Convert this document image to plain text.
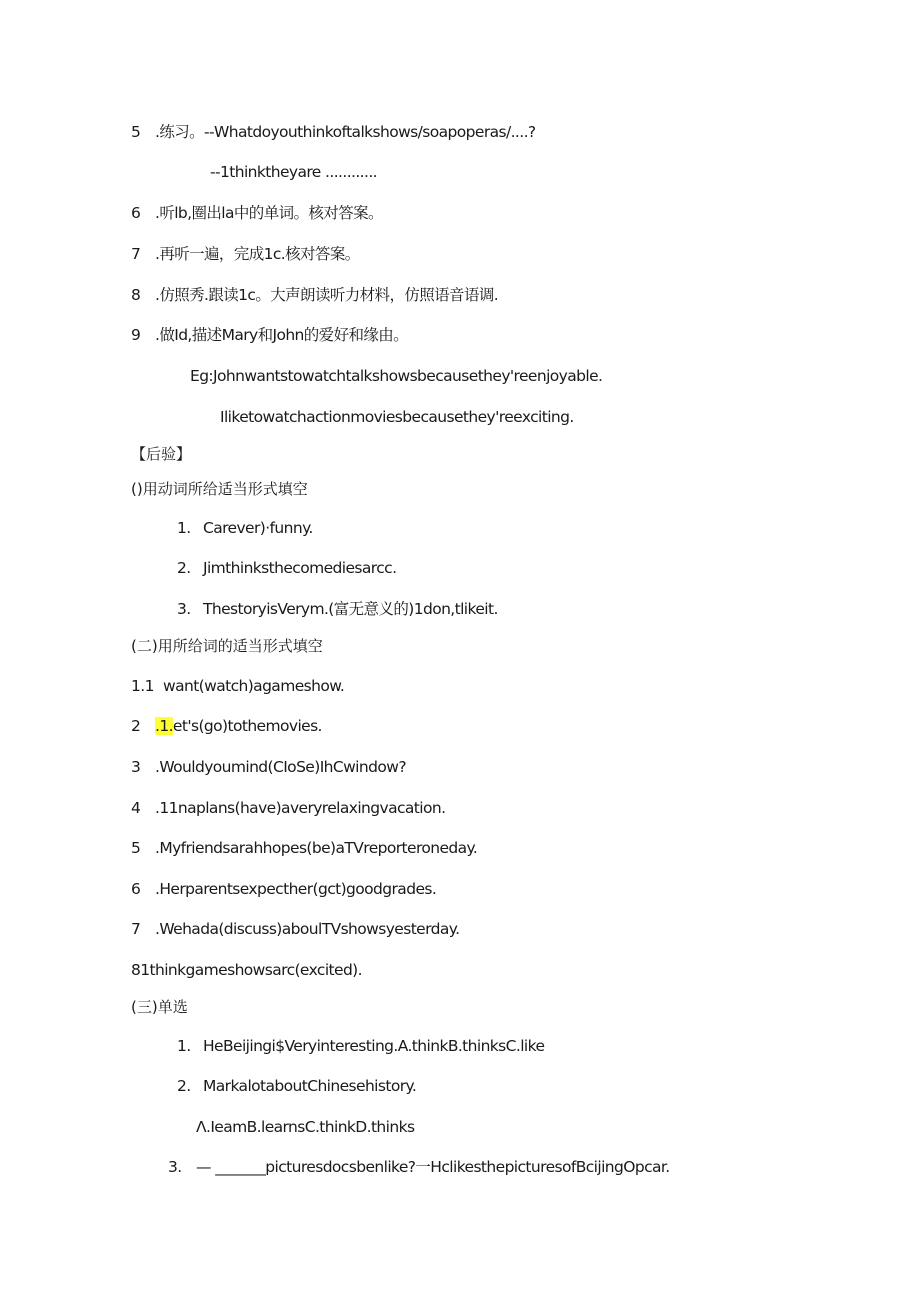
5 .练习。--Whatdoyouthinkoftalkshows/soapoperas/....?
--1thinktheyare ............
6 .听lb,圈出la中的单词。核对答案。
7 .再听一遍，完成1c.核对答案。
8 .仿照秀.跟读1c。大声朗读听力材料，仿照语音语调.
9 .做Id,描述Mary和John的爱好和缘由。
Eg:Johnwantstowatchtalkshowsbecausethey'reenjoyable.
Iliketowatchactionmoviesbecausethey'reexciting.
【后验】
()用动词所给适当形式填空
1. Carever)·funny.
2. Jimthinksthecomediesarcc.
3. ThestoryisVerym.(富无意义的)1don,tlikeit.
(二)用所给词的适当形式填空
1.1 want(watch)agameshow.
2 .1.et's(go)tothemovies.
3 .Wouldyoumind(CIoSe)IhCwindow?
4 .11naplans(have)averyrelaxingvacation.
5 .Myfriendsarahhopes(be)aTVreporteroneday.
6 .Herparentsexpecther(gct)goodgrades.
7 .Wehada(discuss)aboulTVshowsyesterday.
81thinkgameshowsarc(excited).
(三)单选
1. HeBeijingi$Veryinteresting.A.thinkB.thinksC.like
2. MarkalotaboutChinesehistory.
Λ.IeamB.learnsC.thinkD.thinks
3. — _______picturesdocsbenlike?一HclikesthepicturesofBcijingOpcar.
